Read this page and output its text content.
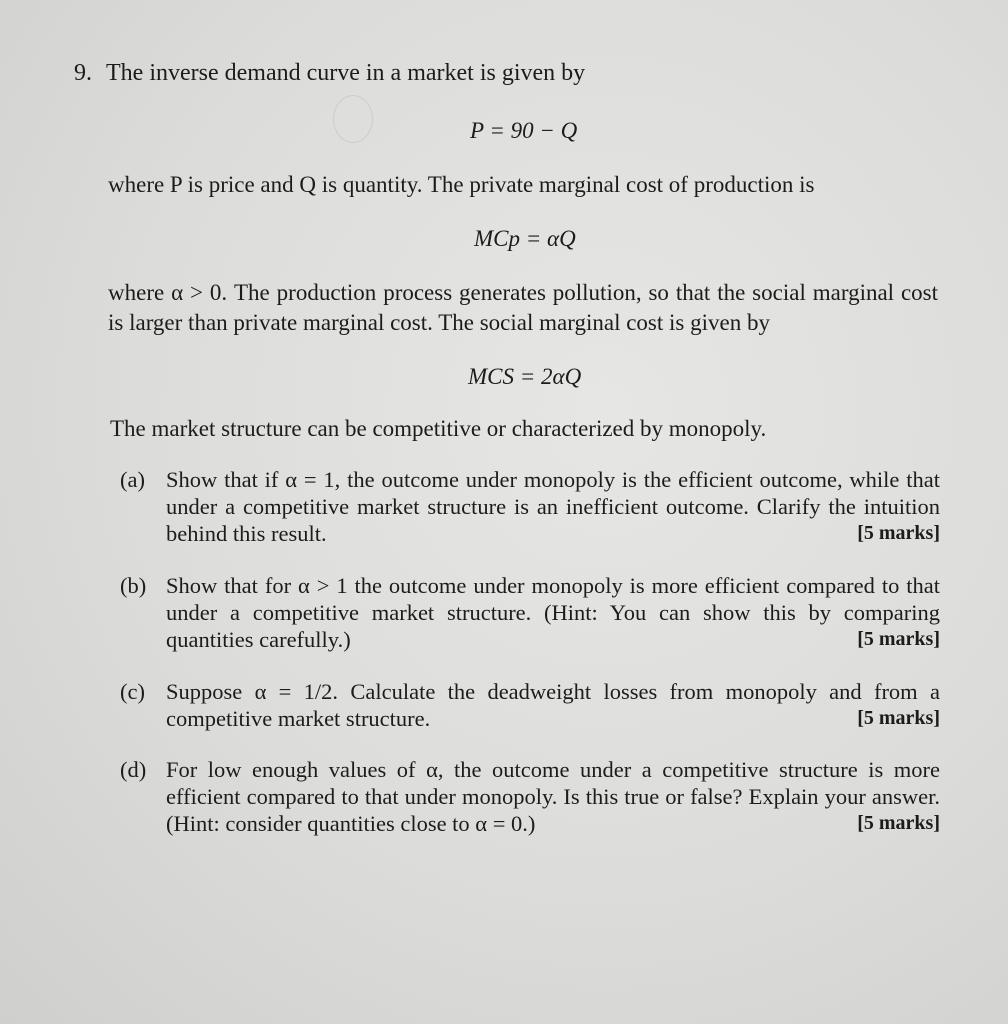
9. The inverse demand curve in a market is given by
P = 90 − Q
where P is price and Q is quantity. The private marginal cost of production is
MCp = αQ
where α > 0. The production process generates pollution, so that the social marginal cost is larger than private marginal cost. The social marginal cost is given by
MCS = 2αQ
The market structure can be competitive or characterized by monopoly.
(a) Show that if α = 1, the outcome under monopoly is the efficient outcome, while that under a competitive market structure is an inefficient outcome. Clarify the intuition behind this result.	[5 marks]
(b) Show that for α > 1 the outcome under monopoly is more efficient compared to that under a competitive market structure. (Hint: You can show this by comparing quantities carefully.)	[5 marks]
(c) Suppose α = 1/2. Calculate the deadweight losses from monopoly and from a competitive market structure.	[5 marks]
(d) For low enough values of α, the outcome under a competitive structure is more efficient compared to that under monopoly. Is this true or false? Explain your answer. (Hint: consider quantities close to α = 0.)	[5 marks]
